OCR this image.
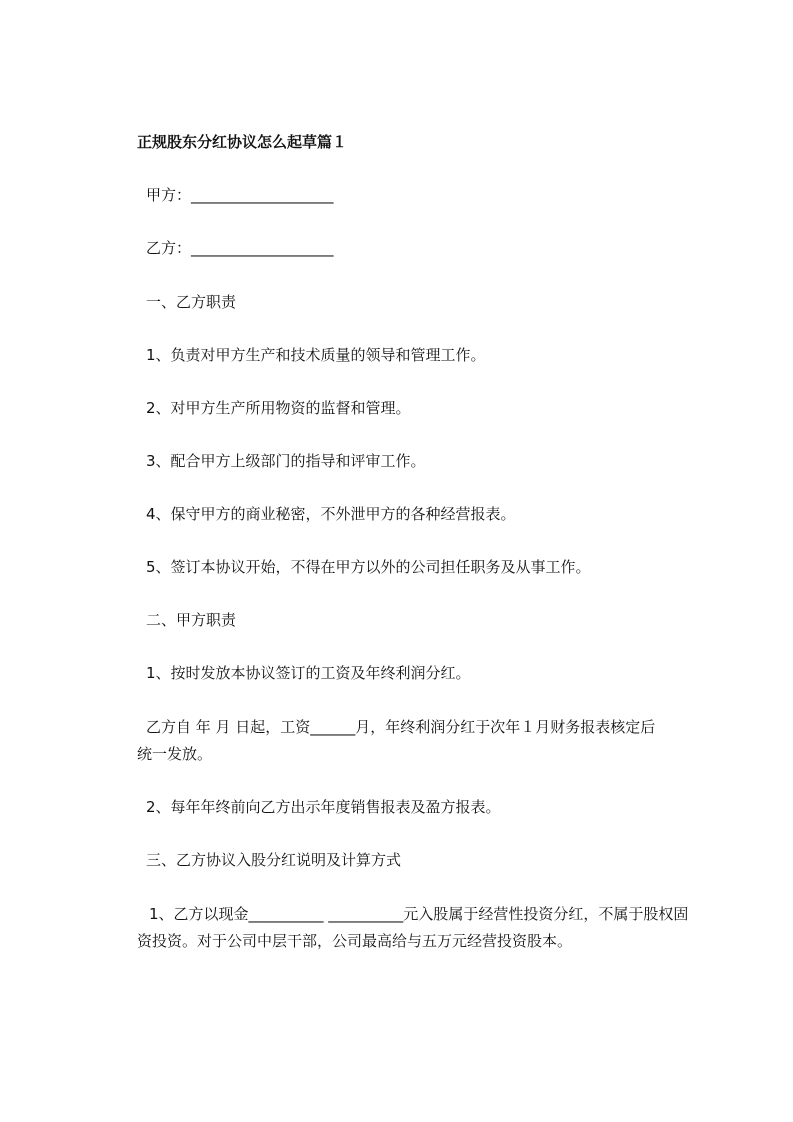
正规股东分红协议怎么起草篇１
甲方：___________________
乙方：___________________
一、乙方职责
1、负责对甲方生产和技术质量的领导和管理工作。
2、对甲方生产所用物资的监督和管理。
3、配合甲方上级部门的指导和评审工作。
4、保守甲方的商业秘密，不外泄甲方的各种经营报表。
5、签订本协议开始，不得在甲方以外的公司担任职务及从事工作。
二、甲方职责
1、按时发放本协议签订的工资及年终利润分红。
乙方自 年 月 日起，工资______月，年终利润分红于次年１月财务报表核定后
统一发放。
2、每年年终前向乙方出示年度销售报表及盈方报表。
三、乙方协议入股分红说明及计算方式
1、乙方以现金__________ __________元入股属于经营性投资分红，不属于股权固
资投资。对于公司中层干部，公司最高给与五万元经营投资股本。
